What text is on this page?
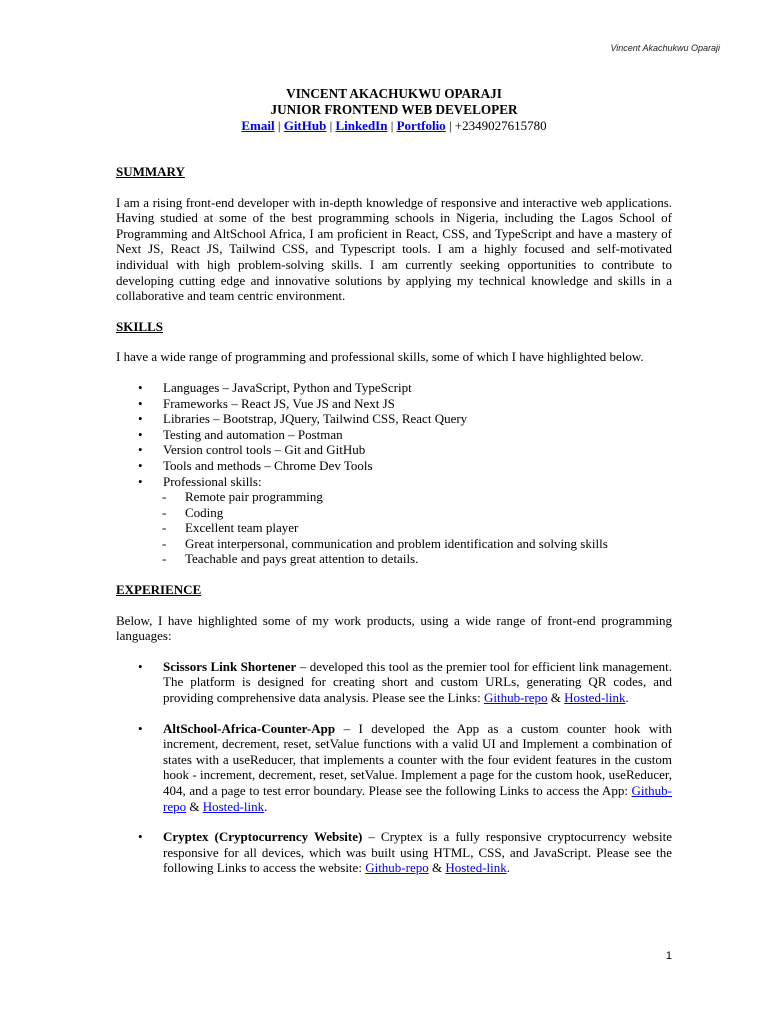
Vincent Akachukwu Oparaji
VINCENT AKACHUKWU OPARAJI
JUNIOR FRONTEND WEB DEVELOPER
Email | GitHub | LinkedIn | Portfolio | +2349027615780
SUMMARY

I am a rising front-end developer with in-depth knowledge of responsive and interactive web applications. Having studied at some of the best programming schools in Nigeria, including the Lagos School of Programming and AltSchool Africa, I am proficient in React, CSS, and TypeScript and have a mastery of Next JS, React JS, Tailwind CSS, and Typescript tools. I am a highly focused and self-motivated individual with high problem-solving skills. I am currently seeking opportunities to contribute to developing cutting edge and innovative solutions by applying my technical knowledge and skills in a collaborative and team centric environment.

SKILLS

I have a wide range of programming and professional skills, some of which I have highlighted below.

• Languages – JavaScript, Python and TypeScript
• Frameworks – React JS, Vue JS and Next JS
• Libraries – Bootstrap, JQuery, Tailwind CSS, React Query
• Testing and automation – Postman
• Version control tools – Git and GitHub
• Tools and methods – Chrome Dev Tools
• Professional skills:
- Remote pair programming
- Coding
- Excellent team player
- Great interpersonal, communication and problem identification and solving skills
- Teachable and pays great attention to details.
EXPERIENCE

Below, I have highlighted some of my work products, using a wide range of front-end programming languages:

• Scissors Link Shortener – developed this tool as the premier tool for efficient link management. The platform is designed for creating short and custom URLs, generating QR codes, and providing comprehensive data analysis. Please see the Links: Github-repo & Hosted-link.
• AltSchool-Africa-Counter-App – I developed the App as a custom counter hook with increment, decrement, reset, setValue functions with a valid UI and Implement a combination of states with a useReducer, that implements a counter with the four evident features in the custom hook - increment, decrement, reset, setValue. Implement a page for the custom hook, useReducer, 404, and a page to test error boundary. Please see the following Links to access the App: Github-repo & Hosted-link.
• Cryptex (Cryptocurrency Website) – Cryptex is a fully responsive cryptocurrency website responsive for all devices, which was built using HTML, CSS, and JavaScript. Please see the following Links to access the website: Github-repo & Hosted-link.
1
